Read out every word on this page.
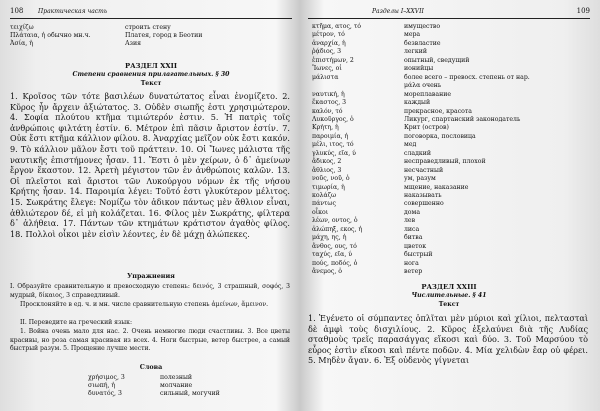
108 Практическая часть
τειχίζω	строить стену
Πλάταια, ἡ обычно мн.ч.	Платея, город в Беотии
Ἀσία, ἡ	Азия
РАЗДЕЛ XXII
Степени сравнения прилагательных. § 30
Текст
1. Κροῖσος τῶν τότε βασιλέων δυνατώτατος εἶναι ἐνομίζετο. 2. Κῦρος ἦν ἄρχειν ἀξιώτατος. 3. Οὐδὲν σιωπῆς ἐστι χρησιμώτερον. 4. Σοφία πλούτου κτῆμα τιμιώτερόν ἐστιν. 5. Ἡ πατρὶς τοῖς ἀνθρώποις φιλτάτη ἐστίν. 6. Μέτρον ἐπὶ πᾶσιν ἄριστον ἐστίν. 7. Οὐκ ἔστι κτῆμα κάλλιον φίλου. 8. Ἀναρχίας μεῖζον οὐκ ἔστι κακόν. 9. Τὸ κάλλιον μᾶλον ἔστι τοῦ πράττειν. 10. Οἱ Ἴωνες μάλιστα τῆς ναυτικῆς ἐπιστήμονες ἦσαν. 11. Ἔστι ὁ μὲν χείρων, ὁ δ᾽ ἀμείνων ἔργον ἕκαστον. 12. Ἀρετὴ μέγιστον τῶν ἐν ἀνθρώποις καλῶν. 13. Οἱ πλεῖστοι καὶ ἄριστοι τῶν Λυκούργου νόμων ἐκ τῆς νήσου Κρήτης ἦσαν. 14. Παροιμία λέγει: Τοῦτό ἐστι γλυκύτερον μέλιτος. 15. Σωκράτης ἔλεγε: Νομίζω τὸν ἀδικον πάντως μὲν ἄθλιον εἶναι, ἀθλιώτερον δέ, εἰ μὴ κολάζεται. 16. Φίλος μὲν Σωκράτης, φίλτερα δ᾽ ἀλήθεια. 17. Πάντων τῶν κτημάτων κράτιστον ἀγαθὸς φίλος. 18. Πολλοὶ οἶκοι μὲν εἰσὶν λέοντες, ἐν δὲ μάχῃ ἀλώπεκες.
Упражнения
I. Образуйте сравнительную и превосходную степень: δεινός, 3 страшный, σοφός, 3 мудрый, δίκαιος, 3 справедливый.
Просклоняйте в ед. ч. и мн. числе сравнительную степень ἀμείνων, ἄμεινον.
II. Переведите на греческий язык:
1. Война очень мало для нас. 2. Очень немногие люди счастливы. 3. Все цветы красивы, но роза самая красивая из всех. 4. Ноги быстрые, ветер быстрее, а самый быстрый разум. 5. Прощение лучше мести.
Слова
χρήσιμος, 3	полезный
σιωπή, ἡ	молчание
δυνατός, 3	сильный, могучий
Разделы I–XXVII	109
κτῆμα, ατος, τό	имущество
μέτρον, τό	мера
ἀναρχία, ἡ	безвластие
ῥᾴδιος, 3	легкий
ἐπιστήμων, 2	опытный, сведущий
Ἴωνες, οἱ	ионийцы
μάλιστα	более всего – превосх. степень от нар.
μάλα очень
ναυτική, ἡ	мореплавание
ἕκαστος, 3	каждый
καλόν, τό	прекрасное, красота
Λυκοῦργος, ὁ	Ликург, спартанский законодатель
Κρήτη, ἡ	Крит (остров)
παροιμία, ἡ	поговорка, пословица
μέλι, ιτος, τό	мед
γλυκύς, εῖα, ύ	сладкий
ἄδικος, 2	несправедливый, плохой
ἄθλιος, 3	несчастный
νοῦς, νοῦ, ὁ	ум, разум
τιμωρία, ἡ	мщение, наказание
κολάζω	наказывать
πάντως	совершенно
οἶκοι	дома
λέων, οντος, ὁ	лев
ἀλώπηξ, εκος, ἡ	лиса
μάχη, ης, ἡ	битва
ἄνθος, ους, τό	цветок
ταχύς, εῖα, ύ	быстрый
πούς, ποδός, ὁ	нога
ἄνεμος, ὁ	ветер
РАЗДЕЛ XXIII
Числительные. § 41
Текст
1. Ἐγένετο οἱ σύμπαντες ὁπλῖται μὲν μύριοι καὶ χίλιοι, πελτασταὶ δὲ ἀμφὶ τοὺς δισχιλίους. 2. Κῦρος ἐξελαύνει διὰ τῆς Λυδίας σταθμοὺς τρεῖς παρασάγγας εἴκοσι καὶ δύο. 3. Τοῦ Μαρσύου τὸ εὖρος ἐστὶν εἴκοσι καὶ πέντε ποδῶν. 4. Μία χελιδὼν ἔαρ οὐ φέρει. 5. Μηδὲν ἄγαν. 6. Ἐξ οὐδενὸς γίγνεται
